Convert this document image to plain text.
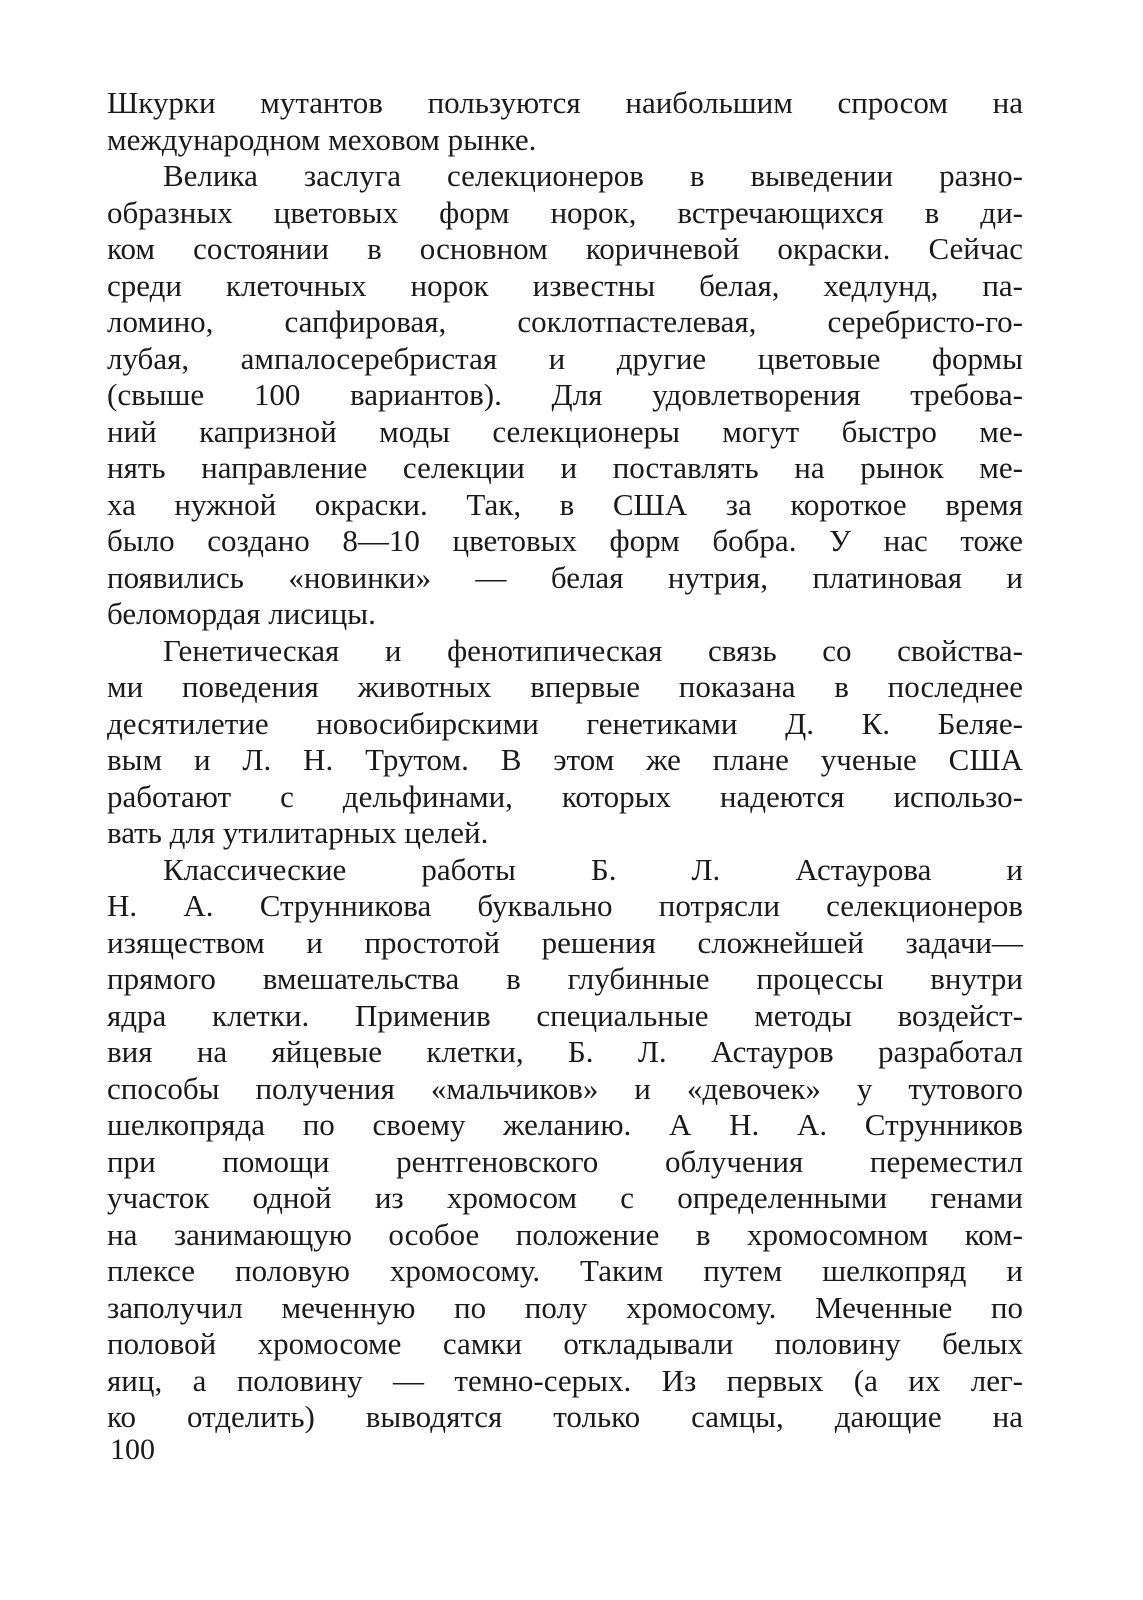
Шкурки мутантов пользуются наибольшим спросом на
международном меховом рынке.
Велика заслуга селекционеров в выведении разно-
образных цветовых форм норок, встречающихся в ди-
ком состоянии в основном коричневой окраски. Сейчас
среди клеточных норок известны белая, хедлунд, па-
ломино, сапфировая, соклотпастелевая, серебристо-го-
лубая, ампалосеребристая и другие цветовые формы
(свыше 100 вариантов). Для удовлетворения требова-
ний капризной моды селекционеры могут быстро ме-
нять направление селекции и поставлять на рынок ме-
ха нужной окраски. Так, в США за короткое время
было создано 8—10 цветовых форм бобра. У нас тоже
появились «новинки» — белая нутрия, платиновая и
беломордая лисицы.
Генетическая и фенотипическая связь со свойства-
ми поведения животных впервые показана в последнее
десятилетие новосибирскими генетиками Д. К. Беляе-
вым и Л. Н. Трутом. В этом же плане ученые США
работают с дельфинами, которых надеются использо-
вать для утилитарных целей.
Классические работы Б. Л. Астаурова и
Н. А. Струнникова буквально потрясли селекционеров
изяществом и простотой решения сложнейшей задачи—
прямого вмешательства в глубинные процессы внутри
ядра клетки. Применив специальные методы воздейст-
вия на яйцевые клетки, Б. Л. Астауров разработал
способы получения «мальчиков» и «девочек» у тутового
шелкопряда по своему желанию. А Н. А. Струнников
при помощи рентгеновского облучения переместил
участок одной из хромосом с определенными генами
на занимающую особое положение в хромосомном ком-
плексе половую хромосому. Таким путем шелкопряд и
заполучил меченную по полу хромосому. Меченные по
половой хромосоме самки откладывали половину белых
яиц, а половину — темно-серых. Из первых (а их лег-
ко отделить) выводятся только самцы, дающие на
100
